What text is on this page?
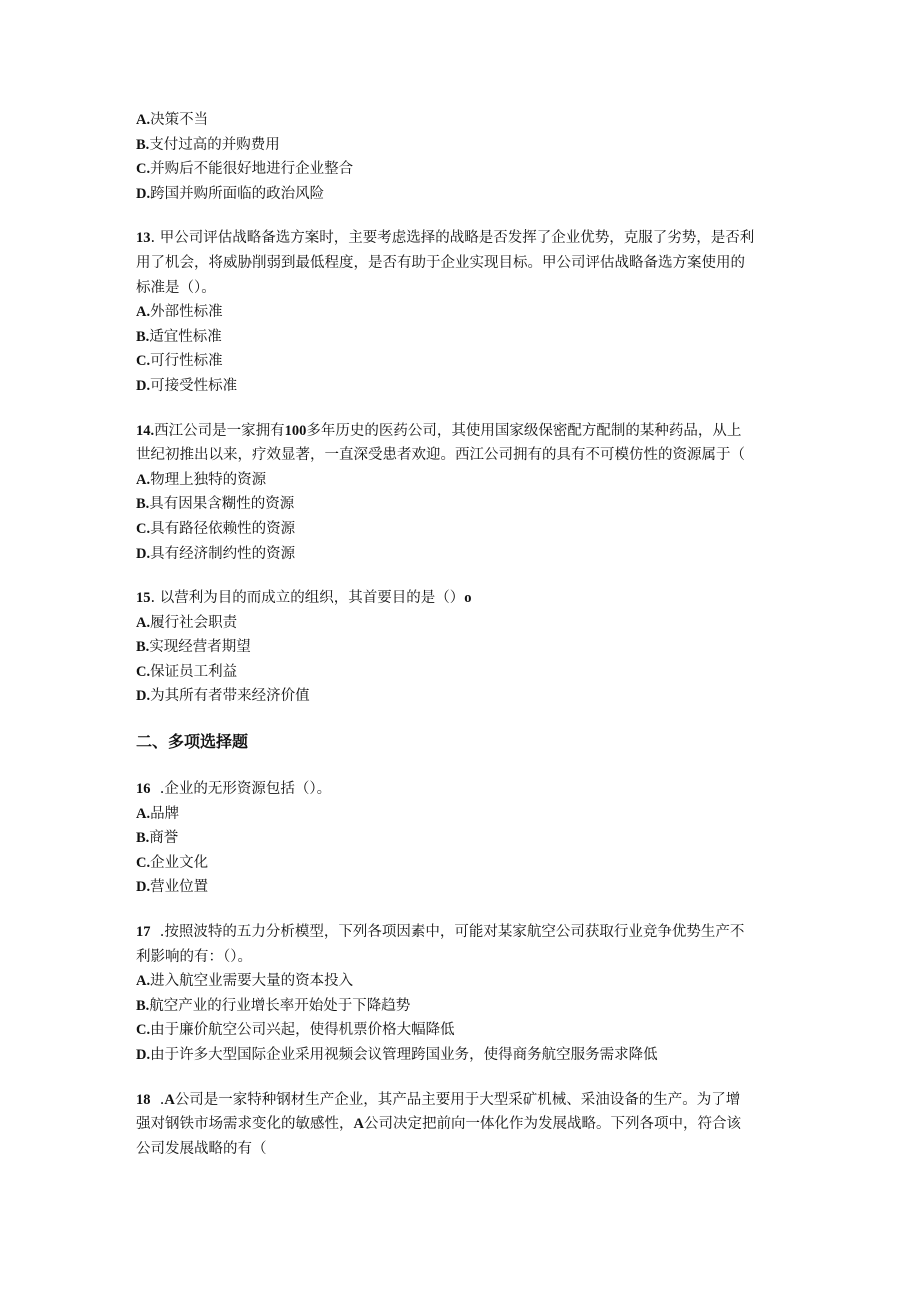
A.决策不当
B.支付过高的并购费用
C.并购后不能很好地进行企业整合
D.跨国并购所面临的政治风险
13. 甲公司评估战略备选方案时，主要考虑选择的战略是否发挥了企业优势，克服了劣势，是否利
用了机会，将威胁削弱到最低程度，是否有助于企业实现目标。甲公司评估战略备选方案使用的
标准是（）。
A.外部性标准
B.适宜性标准
C.可行性标准
D.可接受性标准
14.西江公司是一家拥有100多年历史的医药公司，其使用国家级保密配方配制的某种药品，从上
世纪初推出以来，疗效显著，一直深受患者欢迎。西江公司拥有的具有不可模仿性的资源属于（
A.物理上独特的资源
B.具有因果含糊性的资源
C.具有路径依赖性的资源
D.具有经济制约性的资源
15. 以营利为目的而成立的组织，其首要目的是（）o
A.履行社会职责
B.实现经营者期望
C.保证员工利益
D.为其所有者带来经济价值
二、多项选择题
16  .企业的无形资源包括（）。
A.品牌
B.商誉
C.企业文化
D.营业位置
17  .按照波特的五力分析模型，下列各项因素中，可能对某家航空公司获取行业竞争优势生产不
利影响的有：（）。
A.进入航空业需要大量的资本投入
B.航空产业的行业增长率开始处于下降趋势
C.由于廉价航空公司兴起，使得机票价格大幅降低
D.由于许多大型国际企业采用视频会议管理跨国业务，使得商务航空服务需求降低
18  .A公司是一家特种钢材生产企业，其产品主要用于大型采矿机械、采油设备的生产。为了增
强对钢铁市场需求变化的敏感性，A公司决定把前向一体化作为发展战略。下列各项中，符合该
公司发展战略的有（
